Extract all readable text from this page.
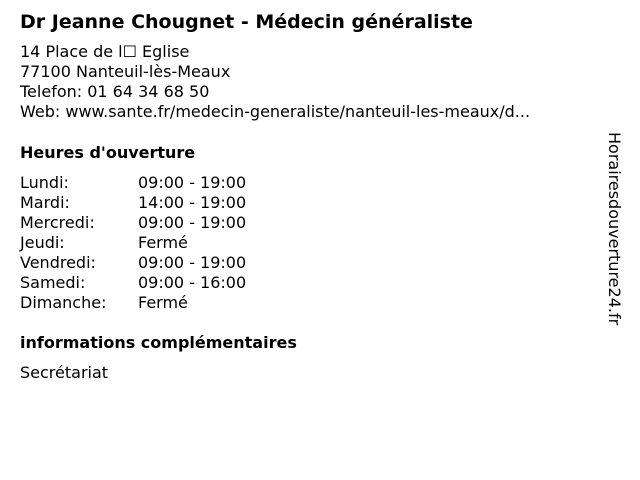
Dr Jeanne Chougnet - Médecin généraliste
14 Place de l☐ Eglise
77100 Nanteuil-lès-Meaux
Telefon: 01 64 34 68 50
Web: www.sante.fr/medecin-generaliste/nanteuil-les-meaux/d...
Heures d'ouverture
Lundi:	09:00 - 19:00
Mardi:	14:00 - 19:00
Mercredi:	09:00 - 19:00
Jeudi:	Fermé
Vendredi:	09:00 - 19:00
Samedi:	09:00 - 16:00
Dimanche:	Fermé
informations complémentaires
Secrétariat
Horairesdouverture24.fr
